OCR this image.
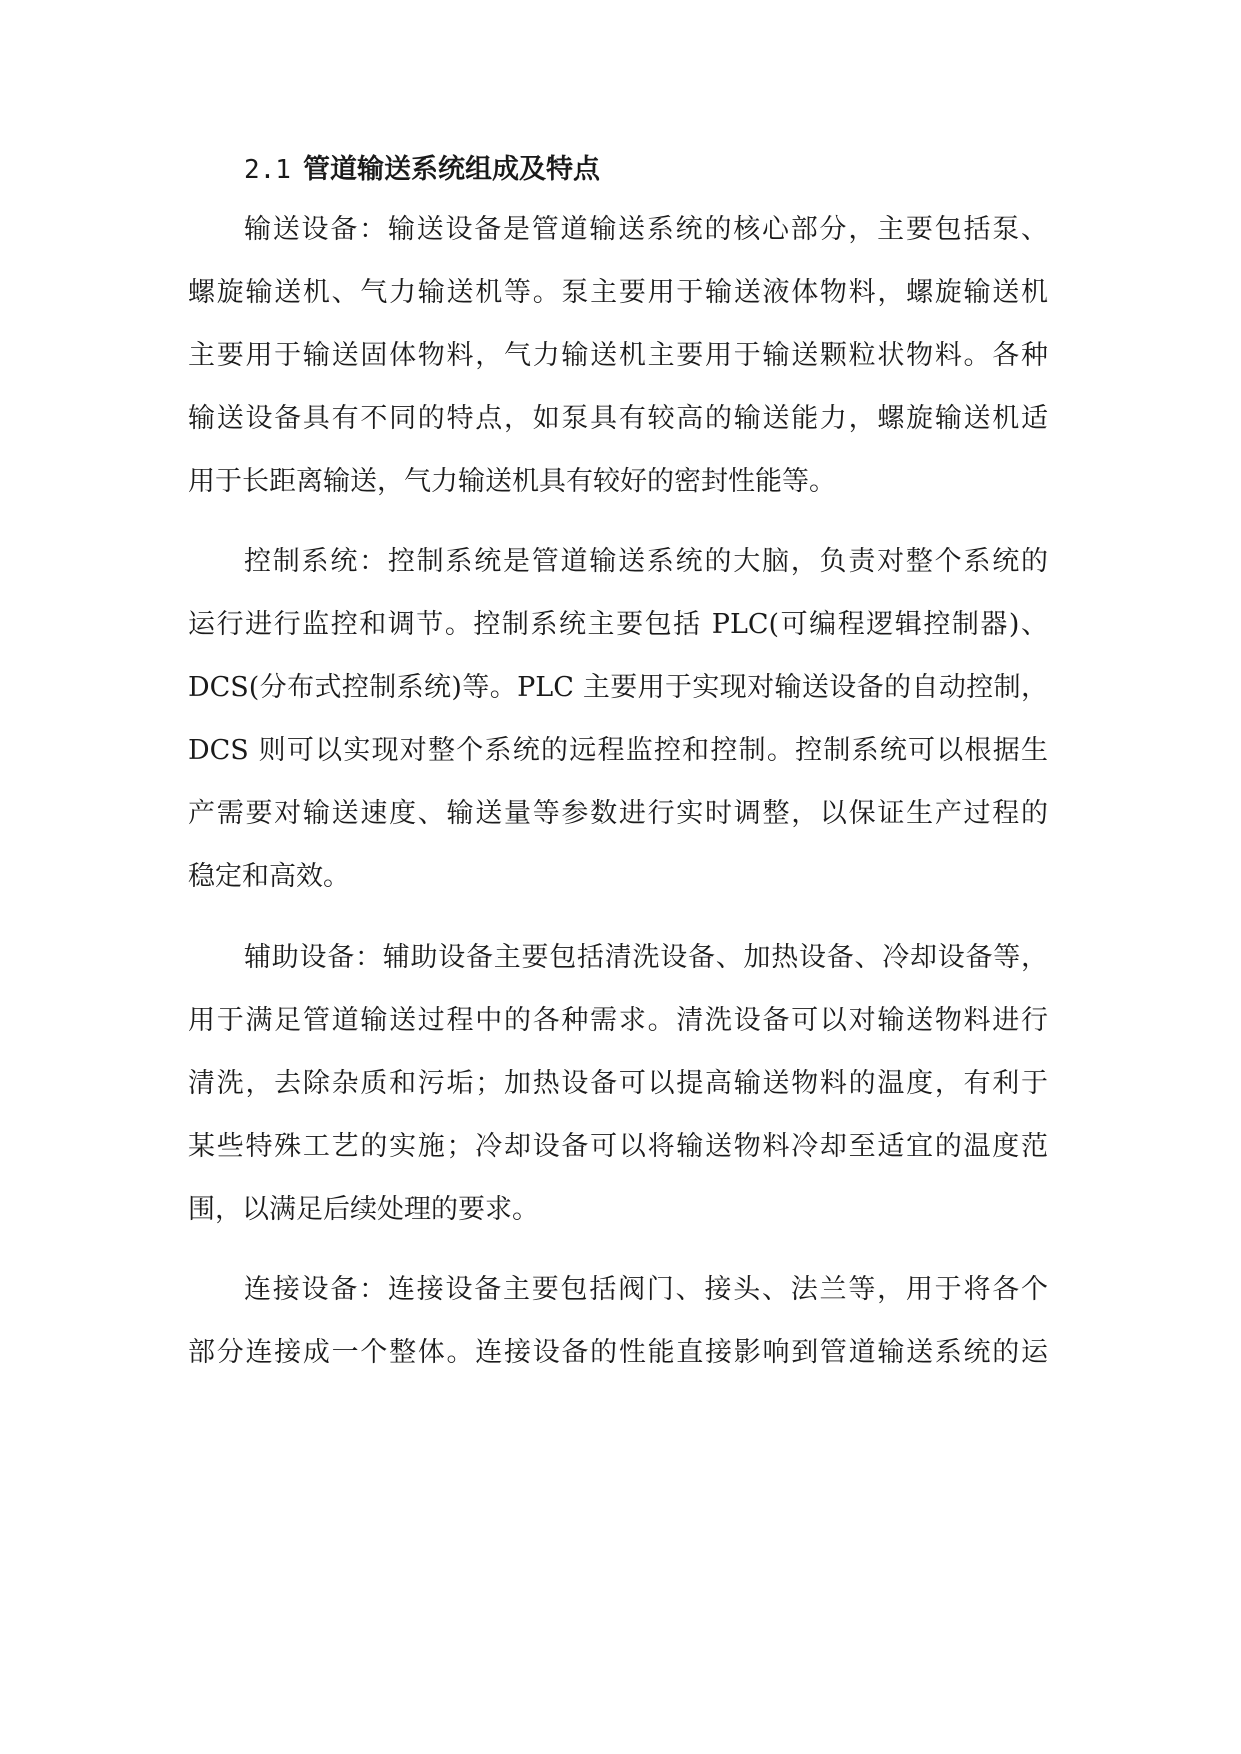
2.1 管道输送系统组成及特点
输送设备：输送设备是管道输送系统的核心部分，主要包括泵、
螺旋输送机、气力输送机等。泵主要用于输送液体物料，螺旋输送机
主要用于输送固体物料，气力输送机主要用于输送颗粒状物料。各种
输送设备具有不同的特点，如泵具有较高的输送能力，螺旋输送机适
用于长距离输送，气力输送机具有较好的密封性能等。
控制系统：控制系统是管道输送系统的大脑，负责对整个系统的
运行进行监控和调节。控制系统主要包括 PLC(可编程逻辑控制器)、
DCS(分布式控制系统)等。PLC 主要用于实现对输送设备的自动控制，
DCS 则可以实现对整个系统的远程监控和控制。控制系统可以根据生
产需要对输送速度、输送量等参数进行实时调整，以保证生产过程的
稳定和高效。
辅助设备：辅助设备主要包括清洗设备、加热设备、冷却设备等，
用于满足管道输送过程中的各种需求。清洗设备可以对输送物料进行
清洗，去除杂质和污垢；加热设备可以提高输送物料的温度，有利于
某些特殊工艺的实施；冷却设备可以将输送物料冷却至适宜的温度范
围，以满足后续处理的要求。
连接设备：连接设备主要包括阀门、接头、法兰等，用于将各个
部分连接成一个整体。连接设备的性能直接影响到管道输送系统的运
